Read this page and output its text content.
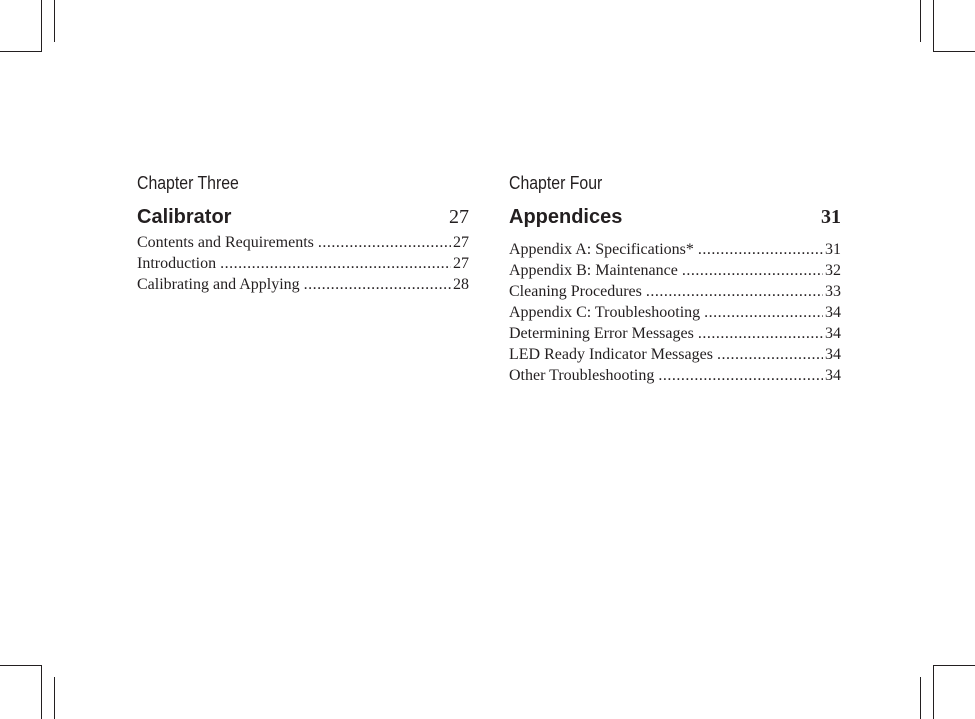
Chapter Three
Calibrator	27
Contents and Requirements .....	27
Introduction .....	27
Calibrating and Applying .....	28
Chapter Four
Appendices	31
Appendix A: Specifications* .....	31
Appendix B: Maintenance .....	32
Cleaning Procedures .....	33
Appendix C: Troubleshooting .....	34
Determining Error Messages .....	34
LED Ready Indicator Messages .....	34
Other Troubleshooting .....	34
